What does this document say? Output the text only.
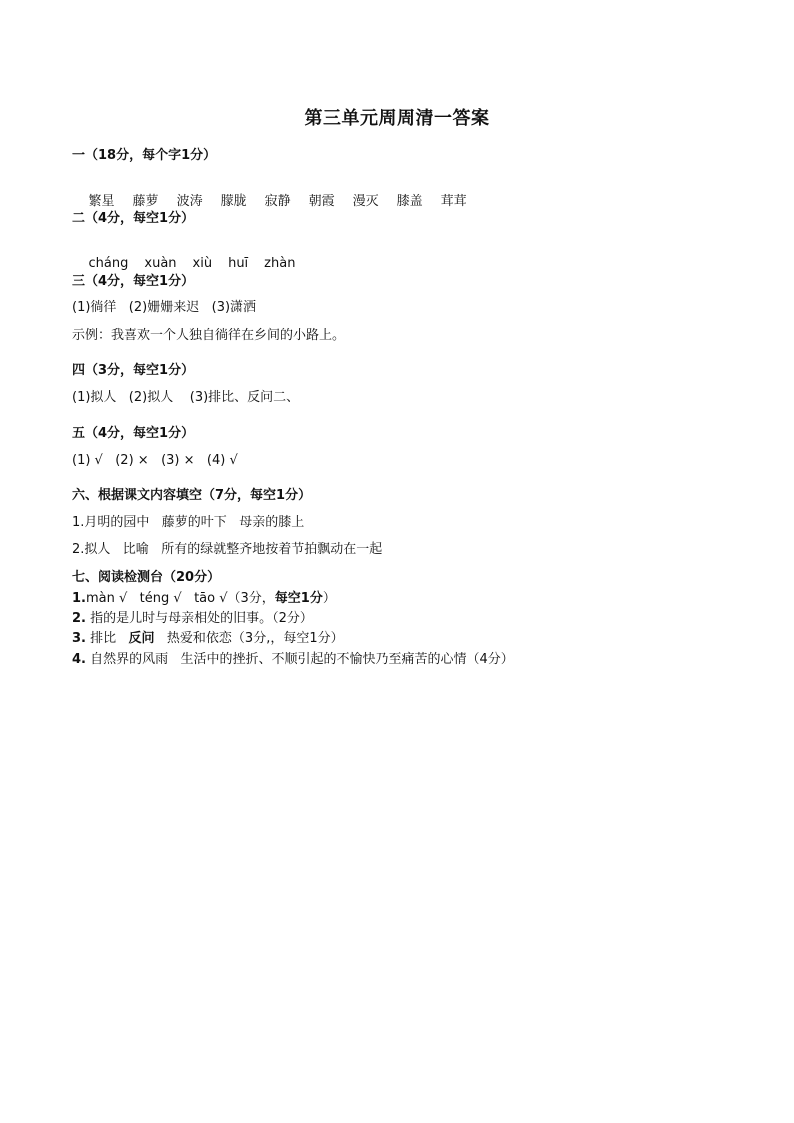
第三单元周周清一答案
一（18分，每个字1分）

繁星 藤萝 波涛 朦胧 寂静 朝霞 漫灭 膝盖 茸茸

二（4分，每空1分）

cháng xuàn xiù huī zhàn

三（4分，每空1分）
(1)徜徉   (2)姗姗来迟   (3)潇洒
示例：我喜欢一个人独自徜徉在乡间的小路上。
四（3分，每空1分）
(1)拟人   (2)拟人    (3)排比、反问二、
五（4分，每空1分）
(1) √   (2) ×   (3) ×   (4) √
六、根据课文内容填空（7分，每空1分）
1.月明的园中   藤萝的叶下   母亲的膝上
2.拟人   比喻   所有的绿就整齐地按着节拍飘动在一起
七、阅读检测台（20分）
1.màn √   téng √   tāo √（3分，每空1分）
2. 指的是儿时与母亲相处的旧事。（2分）
3. 排比   反问   热爱和依恋（3分,，每空1分）
4. 自然界的风雨   生活中的挫折、不顺引起的不愉快乃至痛苦的心情（4分）
